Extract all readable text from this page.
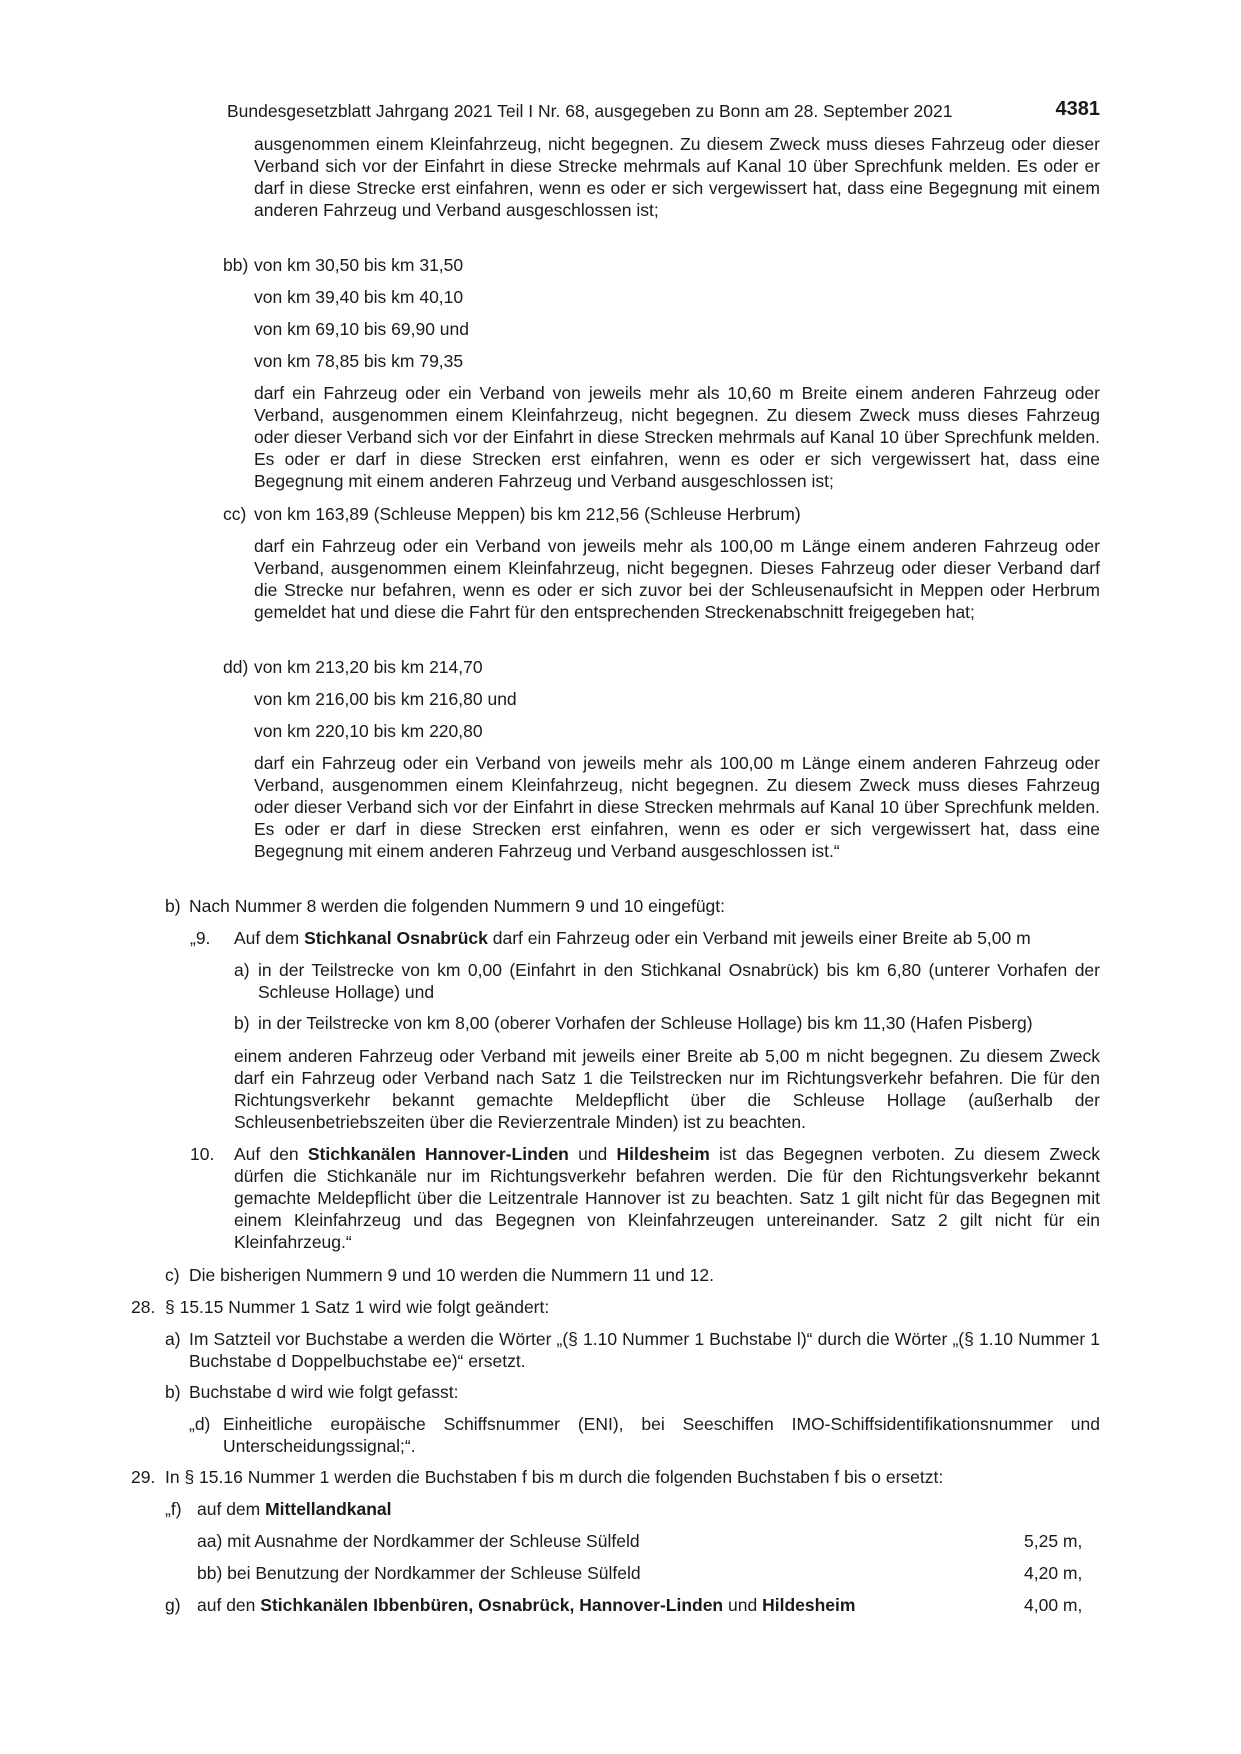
Bundesgesetzblatt Jahrgang 2021 Teil I Nr. 68, ausgegeben zu Bonn am 28. September 2021	4381
ausgenommen einem Kleinfahrzeug, nicht begegnen. Zu diesem Zweck muss dieses Fahrzeug oder dieser Verband sich vor der Einfahrt in diese Strecke mehrmals auf Kanal 10 über Sprechfunk melden. Es oder er darf in diese Strecke erst einfahren, wenn es oder er sich vergewissert hat, dass eine Begegnung mit einem anderen Fahrzeug und Verband ausgeschlossen ist;
bb) von km 30,50 bis km 31,50
von km 39,40 bis km 40,10
von km 69,10 bis 69,90 und
von km 78,85 bis km 79,35
darf ein Fahrzeug oder ein Verband von jeweils mehr als 10,60 m Breite einem anderen Fahrzeug oder Verband, ausgenommen einem Kleinfahrzeug, nicht begegnen. Zu diesem Zweck muss dieses Fahrzeug oder dieser Verband sich vor der Einfahrt in diese Strecken mehrmals auf Kanal 10 über Sprechfunk melden. Es oder er darf in diese Strecken erst einfahren, wenn es oder er sich vergewissert hat, dass eine Begegnung mit einem anderen Fahrzeug und Verband ausgeschlossen ist;
cc) von km 163,89 (Schleuse Meppen) bis km 212,56 (Schleuse Herbrum)
darf ein Fahrzeug oder ein Verband von jeweils mehr als 100,00 m Länge einem anderen Fahrzeug oder Verband, ausgenommen einem Kleinfahrzeug, nicht begegnen. Dieses Fahrzeug oder dieser Verband darf die Strecke nur befahren, wenn es oder er sich zuvor bei der Schleusenaufsicht in Meppen oder Herbrum gemeldet hat und diese die Fahrt für den entsprechenden Streckenabschnitt freigegeben hat;
dd) von km 213,20 bis km 214,70
von km 216,00 bis km 216,80 und
von km 220,10 bis km 220,80
darf ein Fahrzeug oder ein Verband von jeweils mehr als 100,00 m Länge einem anderen Fahrzeug oder Verband, ausgenommen einem Kleinfahrzeug, nicht begegnen. Zu diesem Zweck muss dieses Fahrzeug oder dieser Verband sich vor der Einfahrt in diese Strecken mehrmals auf Kanal 10 über Sprechfunk melden. Es oder er darf in diese Strecken erst einfahren, wenn es oder er sich vergewissert hat, dass eine Begegnung mit einem anderen Fahrzeug und Verband ausgeschlossen ist.“
b) Nach Nummer 8 werden die folgenden Nummern 9 und 10 eingefügt:
„9. Auf dem Stichkanal Osnabrück darf ein Fahrzeug oder ein Verband mit jeweils einer Breite ab 5,00 m
a) in der Teilstrecke von km 0,00 (Einfahrt in den Stichkanal Osnabrück) bis km 6,80 (unterer Vorhafen der Schleuse Hollage) und
b) in der Teilstrecke von km 8,00 (oberer Vorhafen der Schleuse Hollage) bis km 11,30 (Hafen Pisberg)
einem anderen Fahrzeug oder Verband mit jeweils einer Breite ab 5,00 m nicht begegnen. Zu diesem Zweck darf ein Fahrzeug oder Verband nach Satz 1 die Teilstrecken nur im Richtungsverkehr befahren. Die für den Richtungsverkehr bekannt gemachte Meldepflicht über die Schleuse Hollage (außerhalb der Schleusenbetriebszeiten über die Revierzentrale Minden) ist zu beachten.
10. Auf den Stichkanälen Hannover-Linden und Hildesheim ist das Begegnen verboten. Zu diesem Zweck dürfen die Stichkanäle nur im Richtungsverkehr befahren werden. Die für den Richtungsverkehr bekannt gemachte Meldepflicht über die Leitzentrale Hannover ist zu beachten. Satz 1 gilt nicht für das Begegnen mit einem Kleinfahrzeug und das Begegnen von Kleinfahrzeugen untereinander. Satz 2 gilt nicht für ein Kleinfahrzeug.“
c) Die bisherigen Nummern 9 und 10 werden die Nummern 11 und 12.
28. § 15.15 Nummer 1 Satz 1 wird wie folgt geändert:
a) Im Satzteil vor Buchstabe a werden die Wörter „(§ 1.10 Nummer 1 Buchstabe l)“ durch die Wörter „(§ 1.10 Nummer 1 Buchstabe d Doppelbuchstabe ee)“ ersetzt.
b) Buchstabe d wird wie folgt gefasst:
„d) Einheitliche europäische Schiffsnummer (ENI), bei Seeschiffen IMO-Schiffsidentifikationsnummer und Unterscheidungssignal;“.
29. In § 15.16 Nummer 1 werden die Buchstaben f bis m durch die folgenden Buchstaben f bis o ersetzt:
„f) auf dem Mittellandkanal
aa) mit Ausnahme der Nordkammer der Schleuse Sülfeld	5,25 m,
bb) bei Benutzung der Nordkammer der Schleuse Sülfeld	4,20 m,
g) auf den Stichkanälen Ibbenbüren, Osnabrück, Hannover-Linden und Hildesheim	4,00 m,
